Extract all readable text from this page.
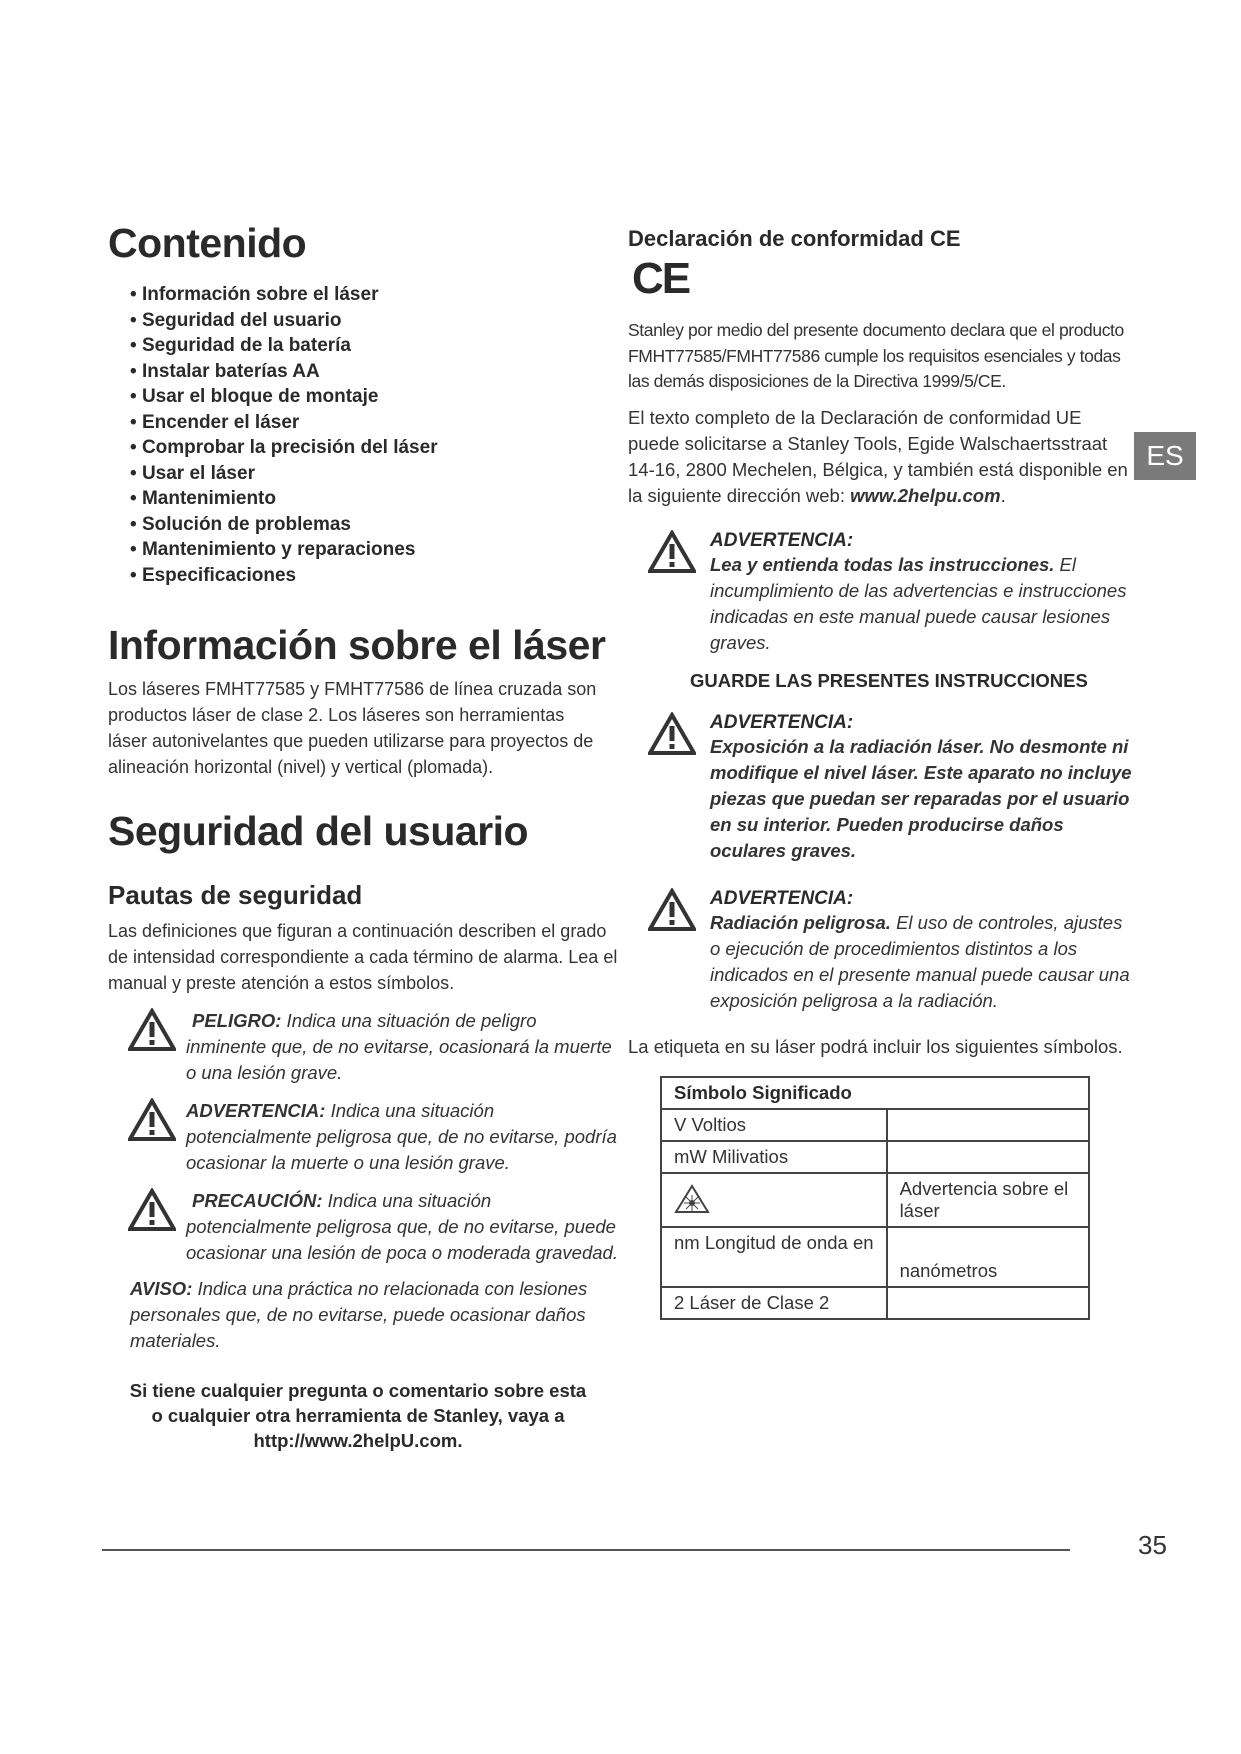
Contenido
• Información sobre el láser
• Seguridad del usuario
• Seguridad de la batería
• Instalar baterías AA
• Usar el bloque de montaje
• Encender el láser
• Comprobar la precisión del láser
• Usar el láser
• Mantenimiento
• Solución de problemas
• Mantenimiento y reparaciones
• Especificaciones
Información sobre el láser
Los láseres FMHT77585 y FMHT77586 de línea cruzada son productos láser de clase 2. Los láseres son herramientas láser autonivelantes que pueden utilizarse para proyectos de alineación horizontal (nivel) y vertical (plomada).
Seguridad del usuario
Pautas de seguridad
Las definiciones que figuran a continuación describen el grado de intensidad correspondiente a cada término de alarma. Lea el manual y preste atención a estos símbolos.
PELIGRO: Indica una situación de peligro inminente que, de no evitarse, ocasionará la muerte o una lesión grave.
ADVERTENCIA: Indica una situación potencialmente peligrosa que, de no evitarse, podría ocasionar la muerte o una lesión grave.
PRECAUCIÓN: Indica una situación potencialmente peligrosa que, de no evitarse, puede ocasionar una lesión de poca o moderada gravedad.
AVISO: Indica una práctica no relacionada con lesiones personales que, de no evitarse, puede ocasionar daños materiales.
Si tiene cualquier pregunta o comentario sobre esta
o cualquier otra herramienta de Stanley, vaya a
http://www.2helpU.com.
Declaración de conformidad CE
CE
Stanley por medio del presente documento declara que el producto FMHT77585/FMHT77586 cumple los requisitos esenciales y todas las demás disposiciones de la Directiva 1999/5/CE.
El texto completo de la Declaración de conformidad UE puede solicitarse a Stanley Tools, Egide Walschaertsstraat 14-16, 2800 Mechelen, Bélgica, y también está disponible en la siguiente dirección web: www.2helpu.com.
ADVERTENCIA:
Lea y entienda todas las instrucciones. El incumplimiento de las advertencias e instrucciones indicadas en este manual puede causar lesiones graves.
GUARDE LAS PRESENTES INSTRUCCIONES
ADVERTENCIA:
Exposición a la radiación láser. No desmonte ni modifique el nivel láser. Este aparato no incluye piezas que puedan ser reparadas por el usuario en su interior. Pueden producirse daños oculares graves.
ADVERTENCIA:
Radiación peligrosa. El uso de controles, ajustes o ejecución de procedimientos distintos a los indicados en el presente manual puede causar una exposición peligrosa a la radiación.
La etiqueta en su láser podrá incluir los siguientes símbolos.
Símbolo Significado	
V Voltios	
mW Milivatios	
	Advertencia sobre el láser
nm Longitud de onda en	nanómetros
2 Láser de Clase 2	
ES
35
